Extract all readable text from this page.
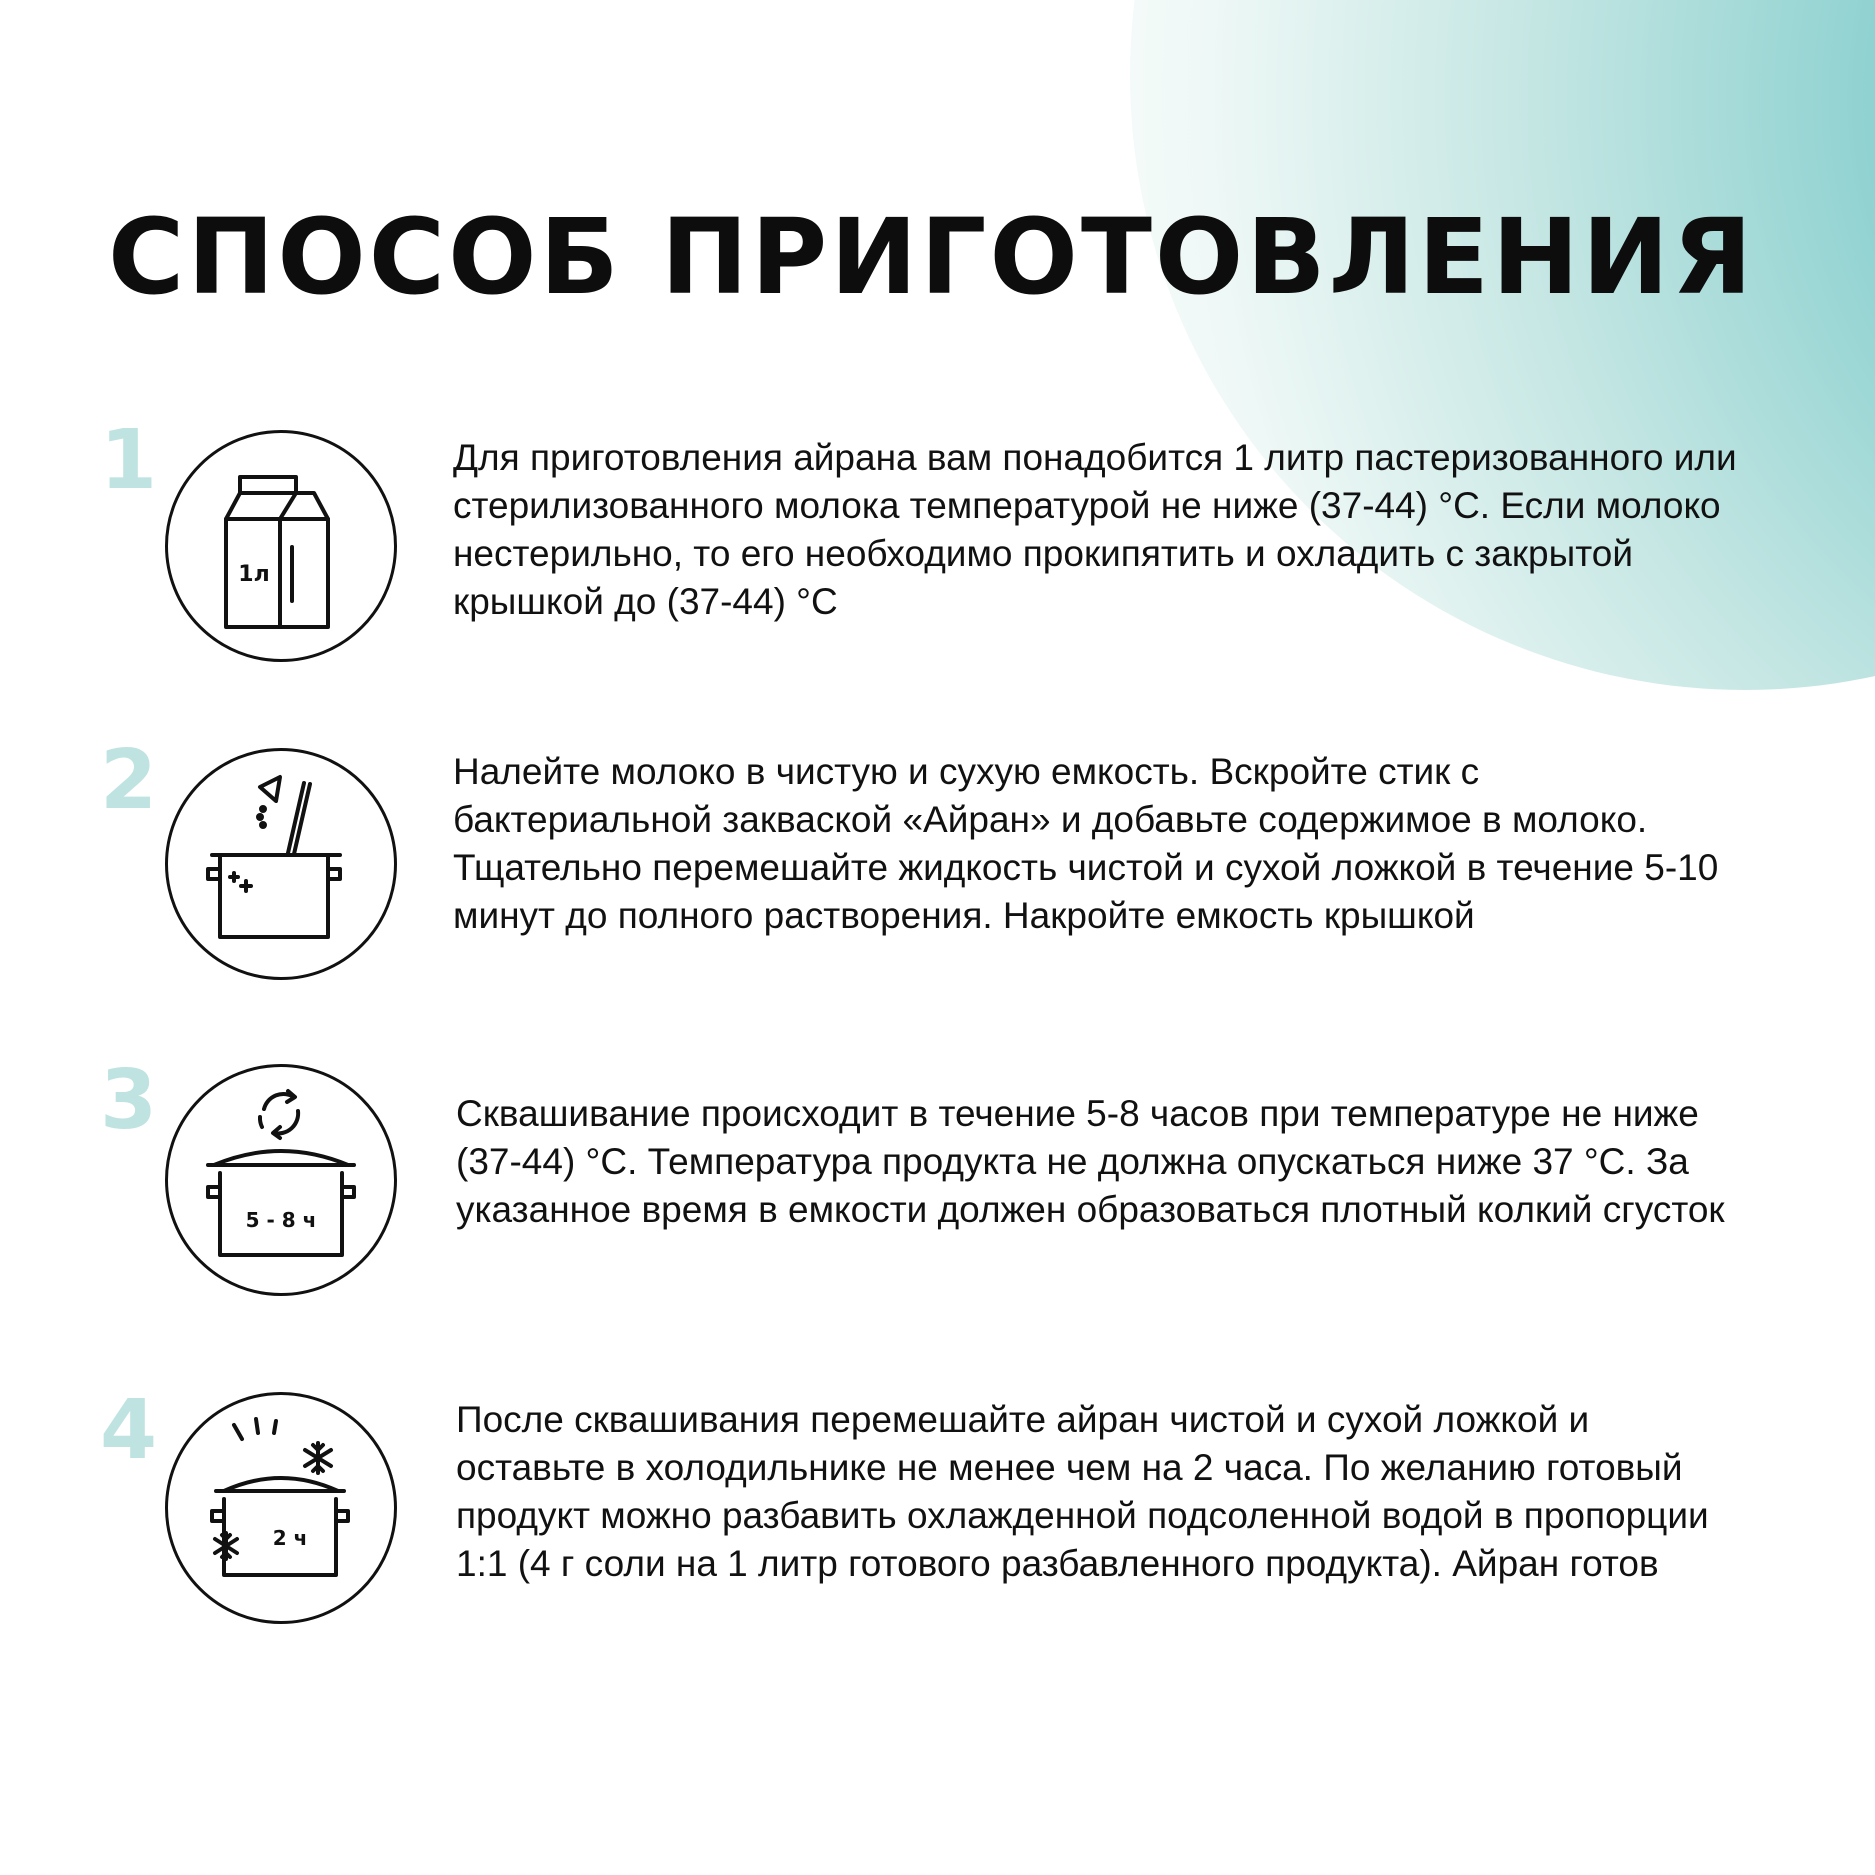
СПОСОБ ПРИГОТОВЛЕНИЯ
1
1л
Для приготовления айрана вам понадобится 1 литр пастеризованного или стерилизованного молока температурой не ниже (37-44) °С. Если молоко нестерильно, то его необходимо прокипятить и охладить с закрытой крышкой до (37-44) °С
2	Налейте молоко в чистую и сухую емкость. Вскройте стик с бактериальной закваской «Айран» и добавьте содержимое в молоко. Тщательно перемешайте жидкость чистой и сухой ложкой в течение 5-10 минут до полного растворения. Накройте емкость крышкой
3
5 - 8 ч
Сквашивание происходит в течение 5-8 часов при температуре не ниже (37-44) °С. Температура продукта не должна опускаться ниже 37 °С. За указанное время в емкости должен образоваться плотный колкий сгусток
4
2 ч
После сквашивания перемешайте айран чистой и сухой ложкой и оставьте в холодильнике не менее чем на 2 часа. По желанию готовый продукт можно разбавить охлажденной подсоленной водой в пропорции 1:1 (4 г соли на 1 литр готового разбавленного продукта). Айран готов
